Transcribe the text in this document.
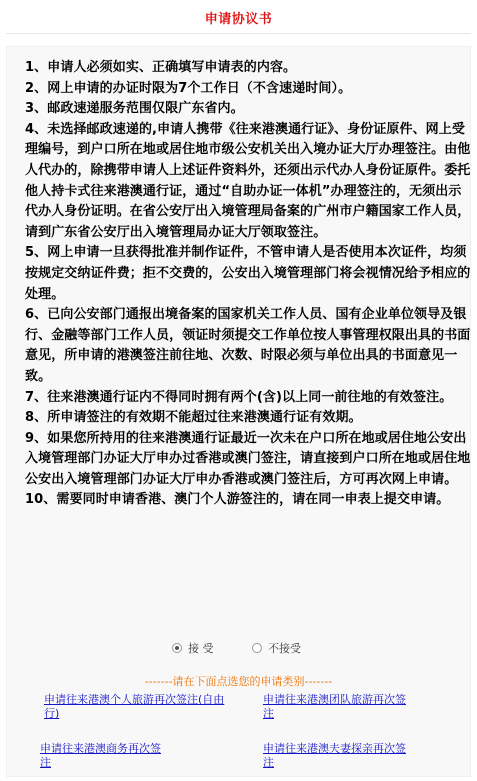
申请协议书

1、申请人必须如实、正确填写申请表的内容。

2、网上申请的办证时限为7个工作日（不含速递时间）。

3、邮政速递服务范围仅限广东省内。

4、未选择邮政速递的,申请人携带《往来港澳通行证》、身份证原件、网上受理编号，到户口所在地或居住地市级公安机关出入境办证大厅办理签注。由他人代办的，除携带申请人上述证件资料外，还须出示代办人身份证原件。委托他人持卡式往来港澳通行证，通过“自助办证一体机”办理签注的，无须出示代办人身份证明。在省公安厅出入境管理局备案的广州市户籍国家工作人员，请到广东省公安厅出入境管理局办证大厅领取签注。

5、网上申请一旦获得批准并制作证件，不管申请人是否使用本次证件，均须按规定交纳证件费；拒不交费的，公安出入境管理部门将会视情况给予相应的处理。

6、已向公安部门通报出境备案的国家机关工作人员、国有企业单位领导及银行、金融等部门工作人员，领证时须提交工作单位按人事管理权限出具的书面意见，所申请的港澳签注前往地、次数、时限必须与单位出具的书面意见一致。

7、往来港澳通行证内不得同时拥有两个(含)以上同一前往地的有效签注。

8、所申请签注的有效期不能超过往来港澳通行证有效期。

9、如果您所持用的往来港澳通行证最近一次未在户口所在地或居住地公安出入境管理部门办证大厅申办过香港或澳门签注，请直接到户口所在地或居住地公安出入境管理部门办证大厅申办香港或澳门签注后，方可再次网上申请。

10、需要同时申请香港、澳门个人游签注的，请在同一申表上提交申请。

接 受	不接受
-------请在下面点选您的申请类别-------
申请往来港澳个人旅游再次签注(自由
行)
申请往来港澳团队旅游再次签
注
申请往来港澳商务再次签
注
申请往来港澳夫妻探亲再次签
注
